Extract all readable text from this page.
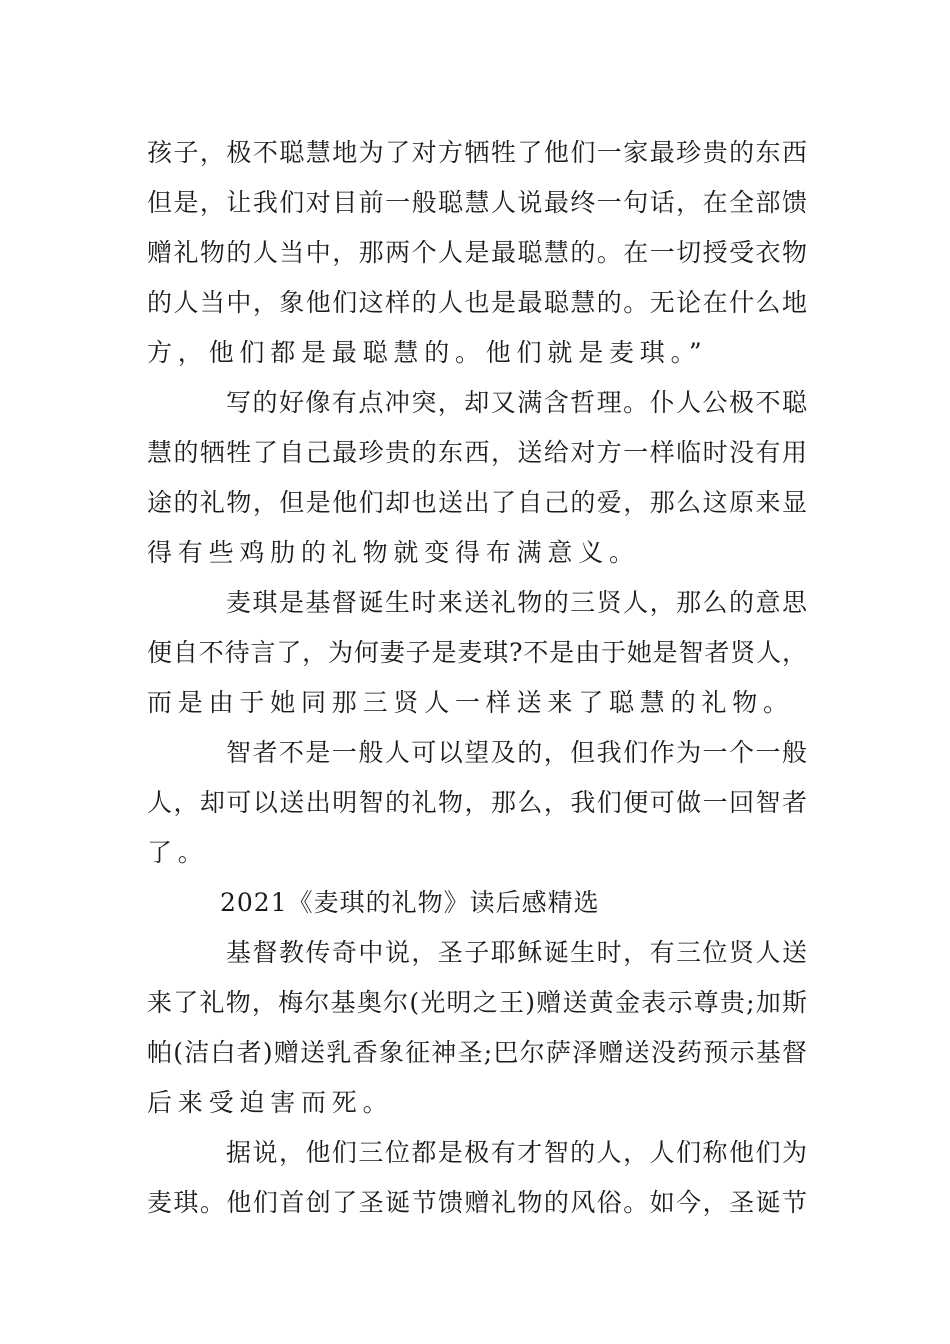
孩子，极不聪慧地为了对方牺牲了他们一家最珍贵的东西
但是，让我们对目前一般聪慧人说最终一句话，在全部馈
赠礼物的人当中，那两个人是最聪慧的。在一切授受衣物
的人当中，象他们这样的人也是最聪慧的。无论在什么地
方，他们都是最聪慧的。他们就是麦琪。”
写的好像有点冲突，却又满含哲理。仆人公极不聪
慧的牺牲了自己最珍贵的东西，送给对方一样临时没有用
途的礼物，但是他们却也送出了自己的爱，那么这原来显
得有些鸡肋的礼物就变得布满意义。
麦琪是基督诞生时来送礼物的三贤人，那么的意思
便自不待言了，为何妻子是麦琪?不是由于她是智者贤人，
而是由于她同那三贤人一样送来了聪慧的礼物。
智者不是一般人可以望及的，但我们作为一个一般
人，却可以送出明智的礼物，那么，我们便可做一回智者
了。
2021《麦琪的礼物》读后感精选
基督教传奇中说，圣子耶稣诞生时，有三位贤人送
来了礼物，梅尔基奥尔(光明之王)赠送黄金表示尊贵;加斯
帕(洁白者)赠送乳香象征神圣;巴尔萨泽赠送没药预示基督
后来受迫害而死。
据说，他们三位都是极有才智的人，人们称他们为
麦琪。他们首创了圣诞节馈赠礼物的风俗。如今，圣诞节
